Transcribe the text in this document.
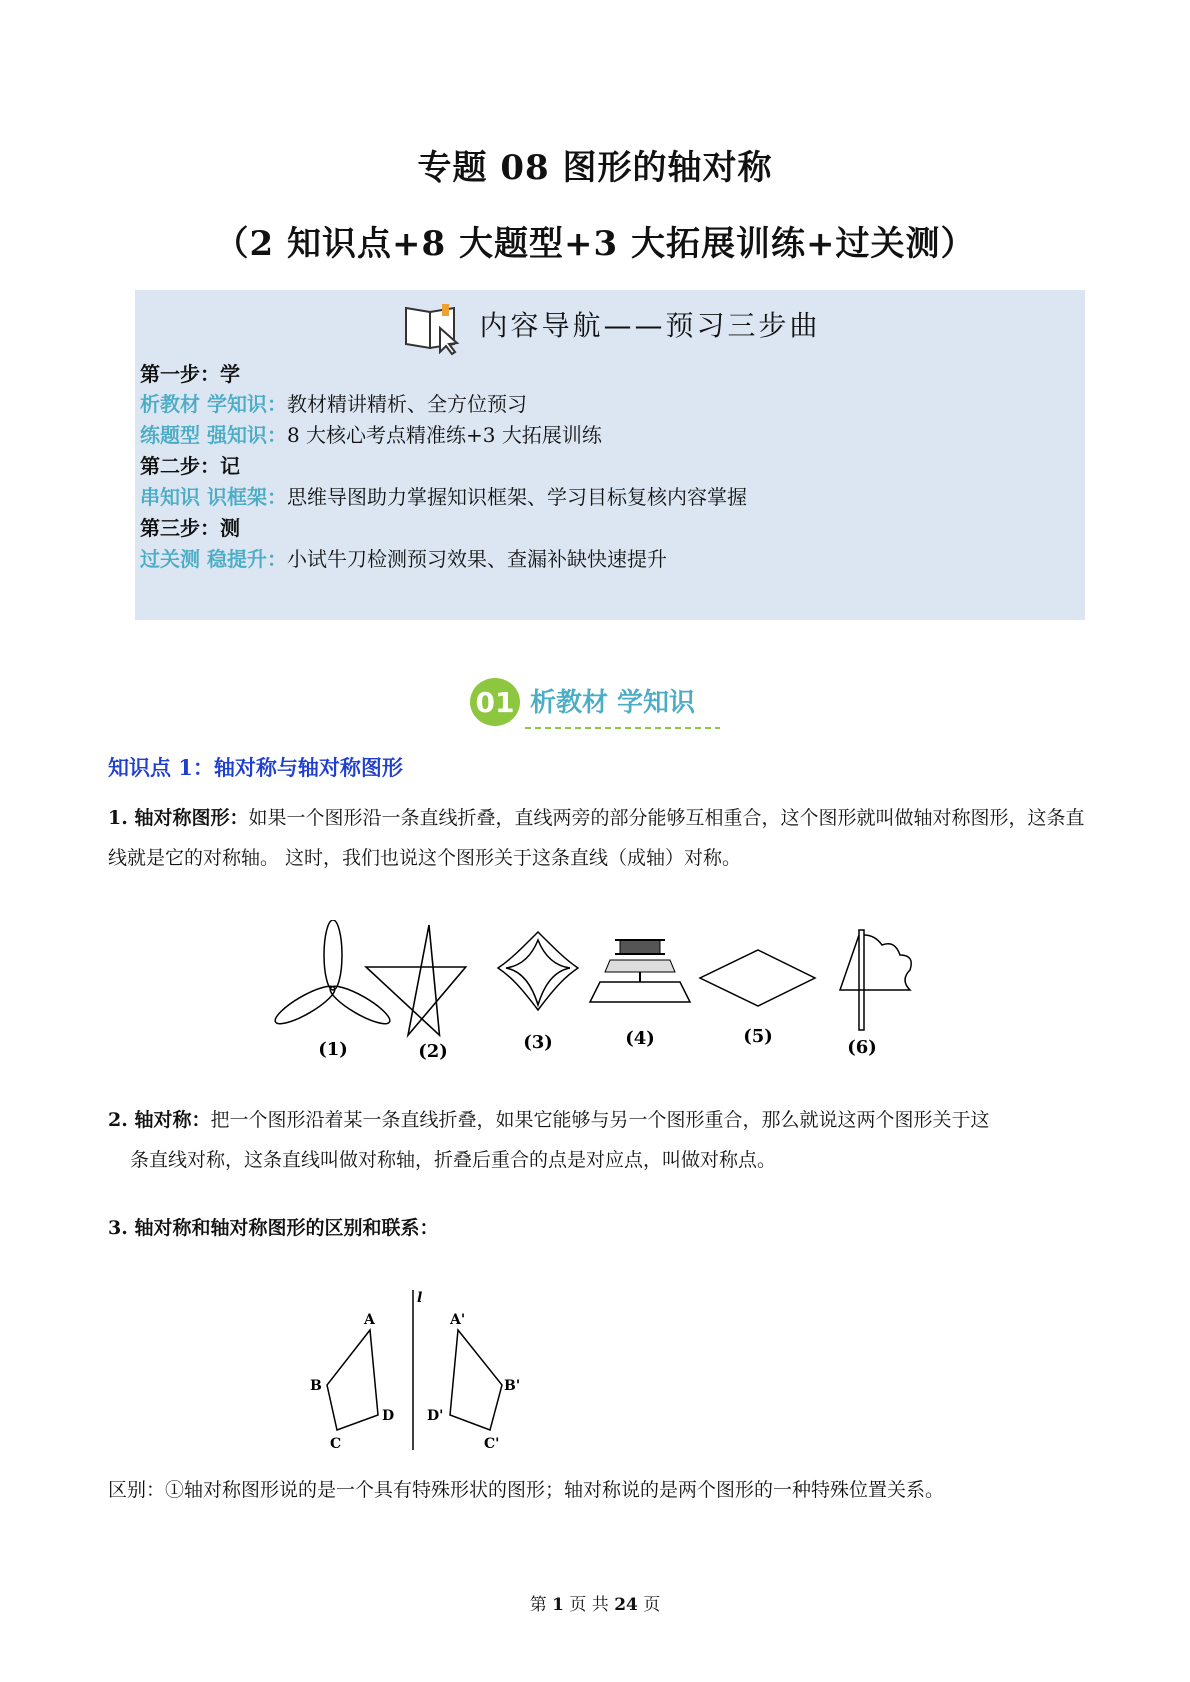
专题 08 图形的轴对称
（2 知识点+8 大题型+3 大拓展训练+过关测）
内容导航——预习三步曲
第一步：学
析教材 学知识：教材精讲精析、全方位预习
练题型 强知识：8 大核心考点精准练+3 大拓展训练
第二步：记
串知识 识框架：思维导图助力掌握知识框架、学习目标复核内容掌握
第三步：测
过关测 稳提升：小试牛刀检测预习效果、查漏补缺快速提升
01 析教材 学知识
知识点 1：轴对称与轴对称图形
1. 轴对称图形：如果一个图形沿一条直线折叠，直线两旁的部分能够互相重合，这个图形就叫做轴对称图形，这条直线就是它的对称轴。 这时，我们也说这个图形关于这条直线（成轴）对称。
(1)	(2)	(3)	(4)	(5)
(6)
2. 轴对称：把一个图形沿着某一条直线折叠，如果它能够与另一个图形重合，那么就说这两个图形关于这
条直线对称，这条直线叫做对称轴，折叠后重合的点是对应点，叫做对称点。
3. 轴对称和轴对称图形的区别和联系：
l
A
B
C
D
A'
B'
C'
D'
区别：①轴对称图形说的是一个具有特殊形状的图形；轴对称说的是两个图形的一种特殊位置关系。
第 1 页 共 24 页
